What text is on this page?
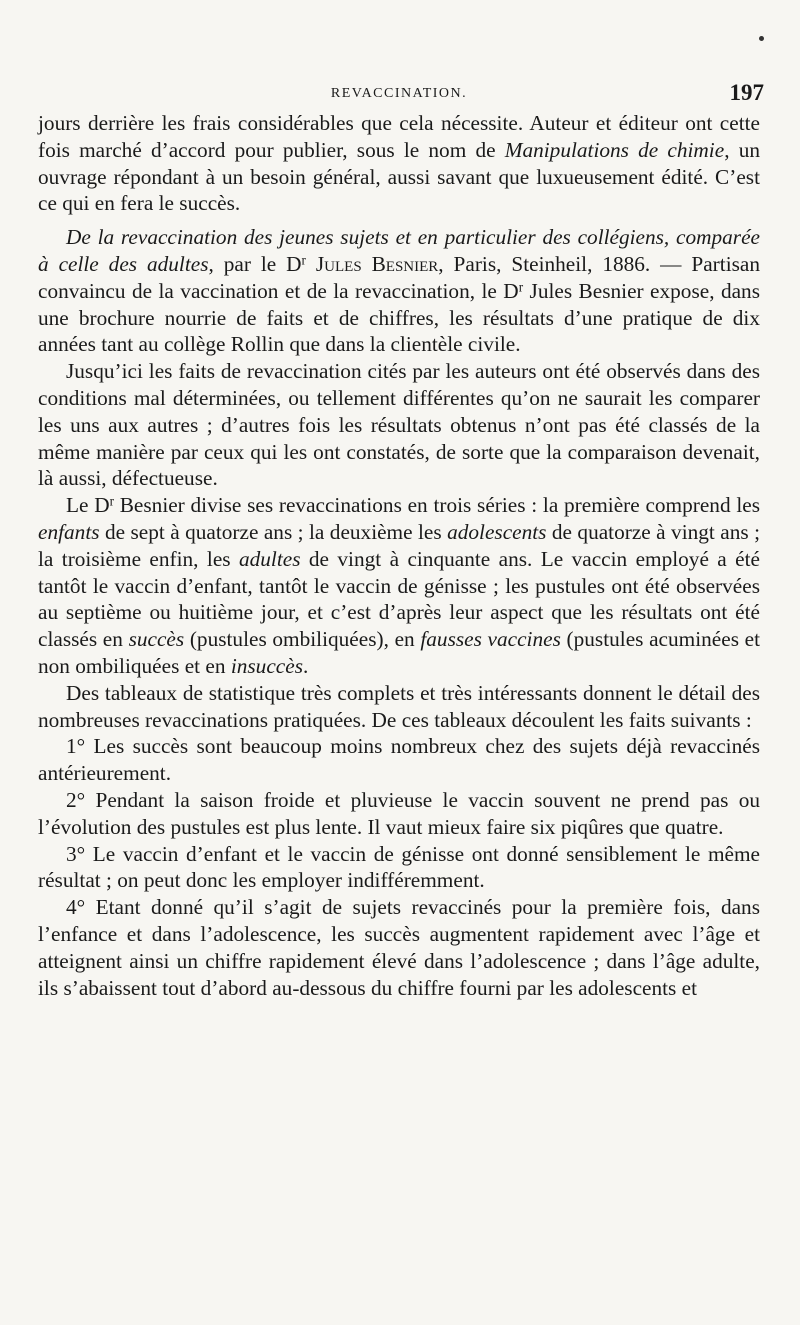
REVACCINATION.	197

jours derrière les frais considérables que cela nécessite. Auteur et éditeur ont cette fois marché d’accord pour publier, sous le nom de Manipulations de chimie, un ouvrage répondant à un besoin général, aussi savant que luxueusement édité. C’est ce qui en fera le succès.

De la revaccination des jeunes sujets et en particulier des collégiens, comparée à celle des adultes, par le $D^r$ Jules Besnier, Paris, Steinheil, 1886. — Partisan convaincu de la vaccination et de la revaccination, le $D^r$ Jules Besnier expose, dans une brochure nourrie de faits et de chiffres, les résultats d’une pratique de dix années tant au collège Rollin que dans la clientèle civile.

Jusqu’ici les faits de revaccination cités par les auteurs ont été observés dans des conditions mal déterminées, ou tellement différentes qu’on ne saurait les comparer les uns aux autres ; d’autres fois les résultats obtenus n’ont pas été classés de la même manière par ceux qui les ont constatés, de sorte que la comparaison devenait, là aussi, défectueuse.

Le $D^r$ Besnier divise ses revaccinations en trois séries : la première comprend les enfants de sept à quatorze ans ; la deuxième les adolescents de quatorze à vingt ans ; la troisième enfin, les adultes de vingt à cinquante ans. Le vaccin employé a été tantôt le vaccin d’enfant, tantôt le vaccin de génisse ; les pustules ont été observées au septième ou huitième jour, et c’est d’après leur aspect que les résultats ont été classés en succès (pustules ombiliquées), en fausses vaccines (pustules acuminées et non ombiliquées et en insuccès.

Des tableaux de statistique très complets et très intéressants donnent le détail des nombreuses revaccinations pratiquées. De ces tableaux découlent les faits suivants :

1° Les succès sont beaucoup moins nombreux chez des sujets déjà revaccinés antérieurement.

2° Pendant la saison froide et pluvieuse le vaccin souvent ne prend pas ou l’évolution des pustules est plus lente. Il vaut mieux faire six piqûres que quatre.

3° Le vaccin d’enfant et le vaccin de génisse ont donné sensiblement le même résultat ; on peut donc les employer indifféremment.

4° Etant donné qu’il s’agit de sujets revaccinés pour la première fois, dans l’enfance et dans l’adolescence, les succès augmentent rapidement avec l’âge et atteignent ainsi un chiffre rapidement élevé dans l’adolescence ; dans l’âge adulte, ils s’abaissent tout d’abord au-dessous du chiffre fourni par les adolescents et
